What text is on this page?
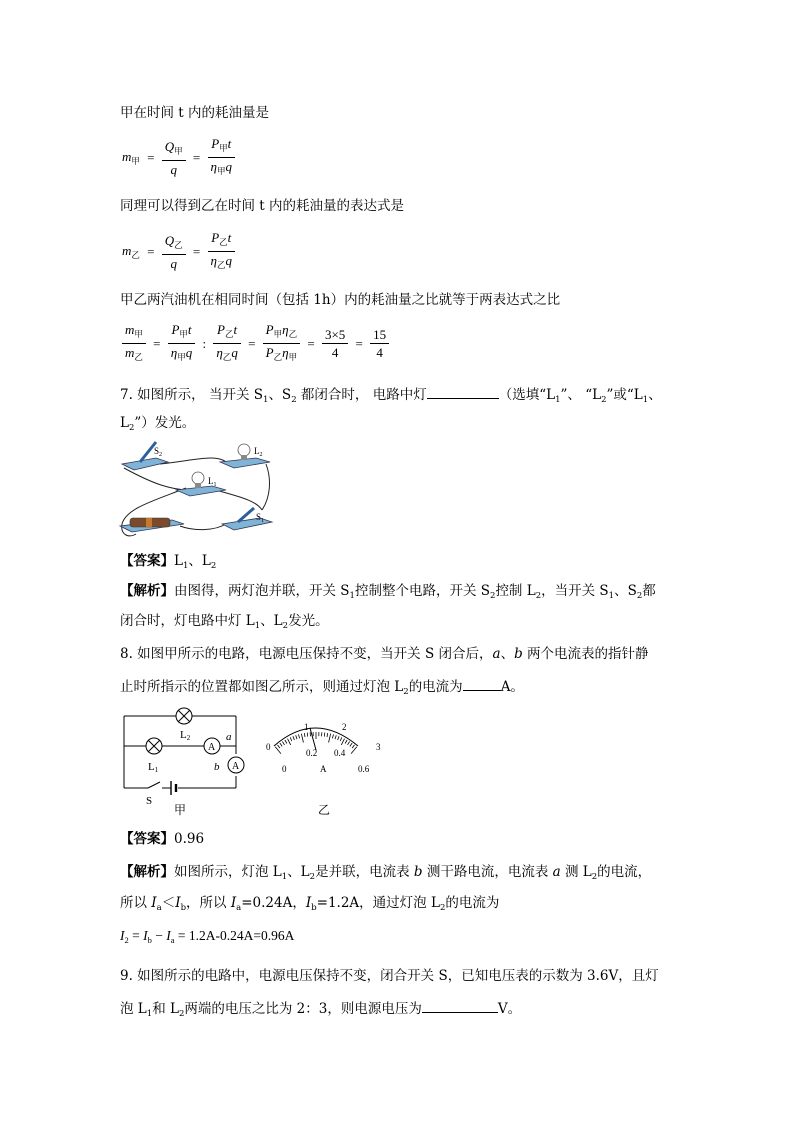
甲在时间 t 内的耗油量是
$m_甲 = \frac{Q_甲}{q} = \frac{P_甲t}{\eta_甲q}$
同理可以得到乙在时间 t 内的耗油量的表达式是
$m_乙 = \frac{Q_乙}{q} = \frac{P_乙t}{\eta_乙q}$
甲乙两汽油机在相同时间（包括 1h）内的耗油量之比就等于两表达式之比
$\frac{m_甲}{m_乙} = \frac{P_甲t}{\eta_甲q}$ : $\frac{P_乙t}{\eta_乙q} = \frac{P_甲\eta_乙}{P_乙\eta_甲} = \frac{3\times 5}{4} = \frac{15}{4}$
7. 如图所示， 当开关 $S_1$、$S_2$ 都闭合时， 电路中灯	（选填“$L_1$”、 “$L_2$”或“$L_1$、
$L_2$”）发光。
$S_2$	$L_2$
$L_1$
$S_1$
【答案】$L_1$、$L_2$
【解析】由图得，两灯泡并联，开关 $S_1$控制整个电路，开关 $S_2$控制 $L_2$，当开关 $S_1$、$S_2$都
闭合时，灯电路中灯 $L_1$、$L_2$发光。
8. 如图甲所示的电路，电源电压保持不变，当开关 S 闭合后，a、b 两个电流表的指针静
止时所指示的位置都如图乙所示，则通过灯泡 $L_2$的电流为	A。
A
A
L2
L1
a
b
S
甲
0
1	2
3
0
0.2 0.4
0.6
A
乙
【答案】0.96
【解析】如图所示，灯泡 $L_1$、$L_2$是并联，电流表 b 测干路电流，电流表 a 测 $L_2$的电流，
所以 $I_a<I_b$，所以 $I_a=0.24A$，$I_b=1.2A$，通过灯泡 $L_2$的电流为
$I_2 = I_b - I_a = 1.2A-0.24A=0.96A$
9. 如图所示的电路中，电源电压保持不变，闭合开关 S，已知电压表的示数为 3.6V，且灯
泡 $L_1$和 $L_2$两端的电压之比为 2：3，则电源电压为	V。
